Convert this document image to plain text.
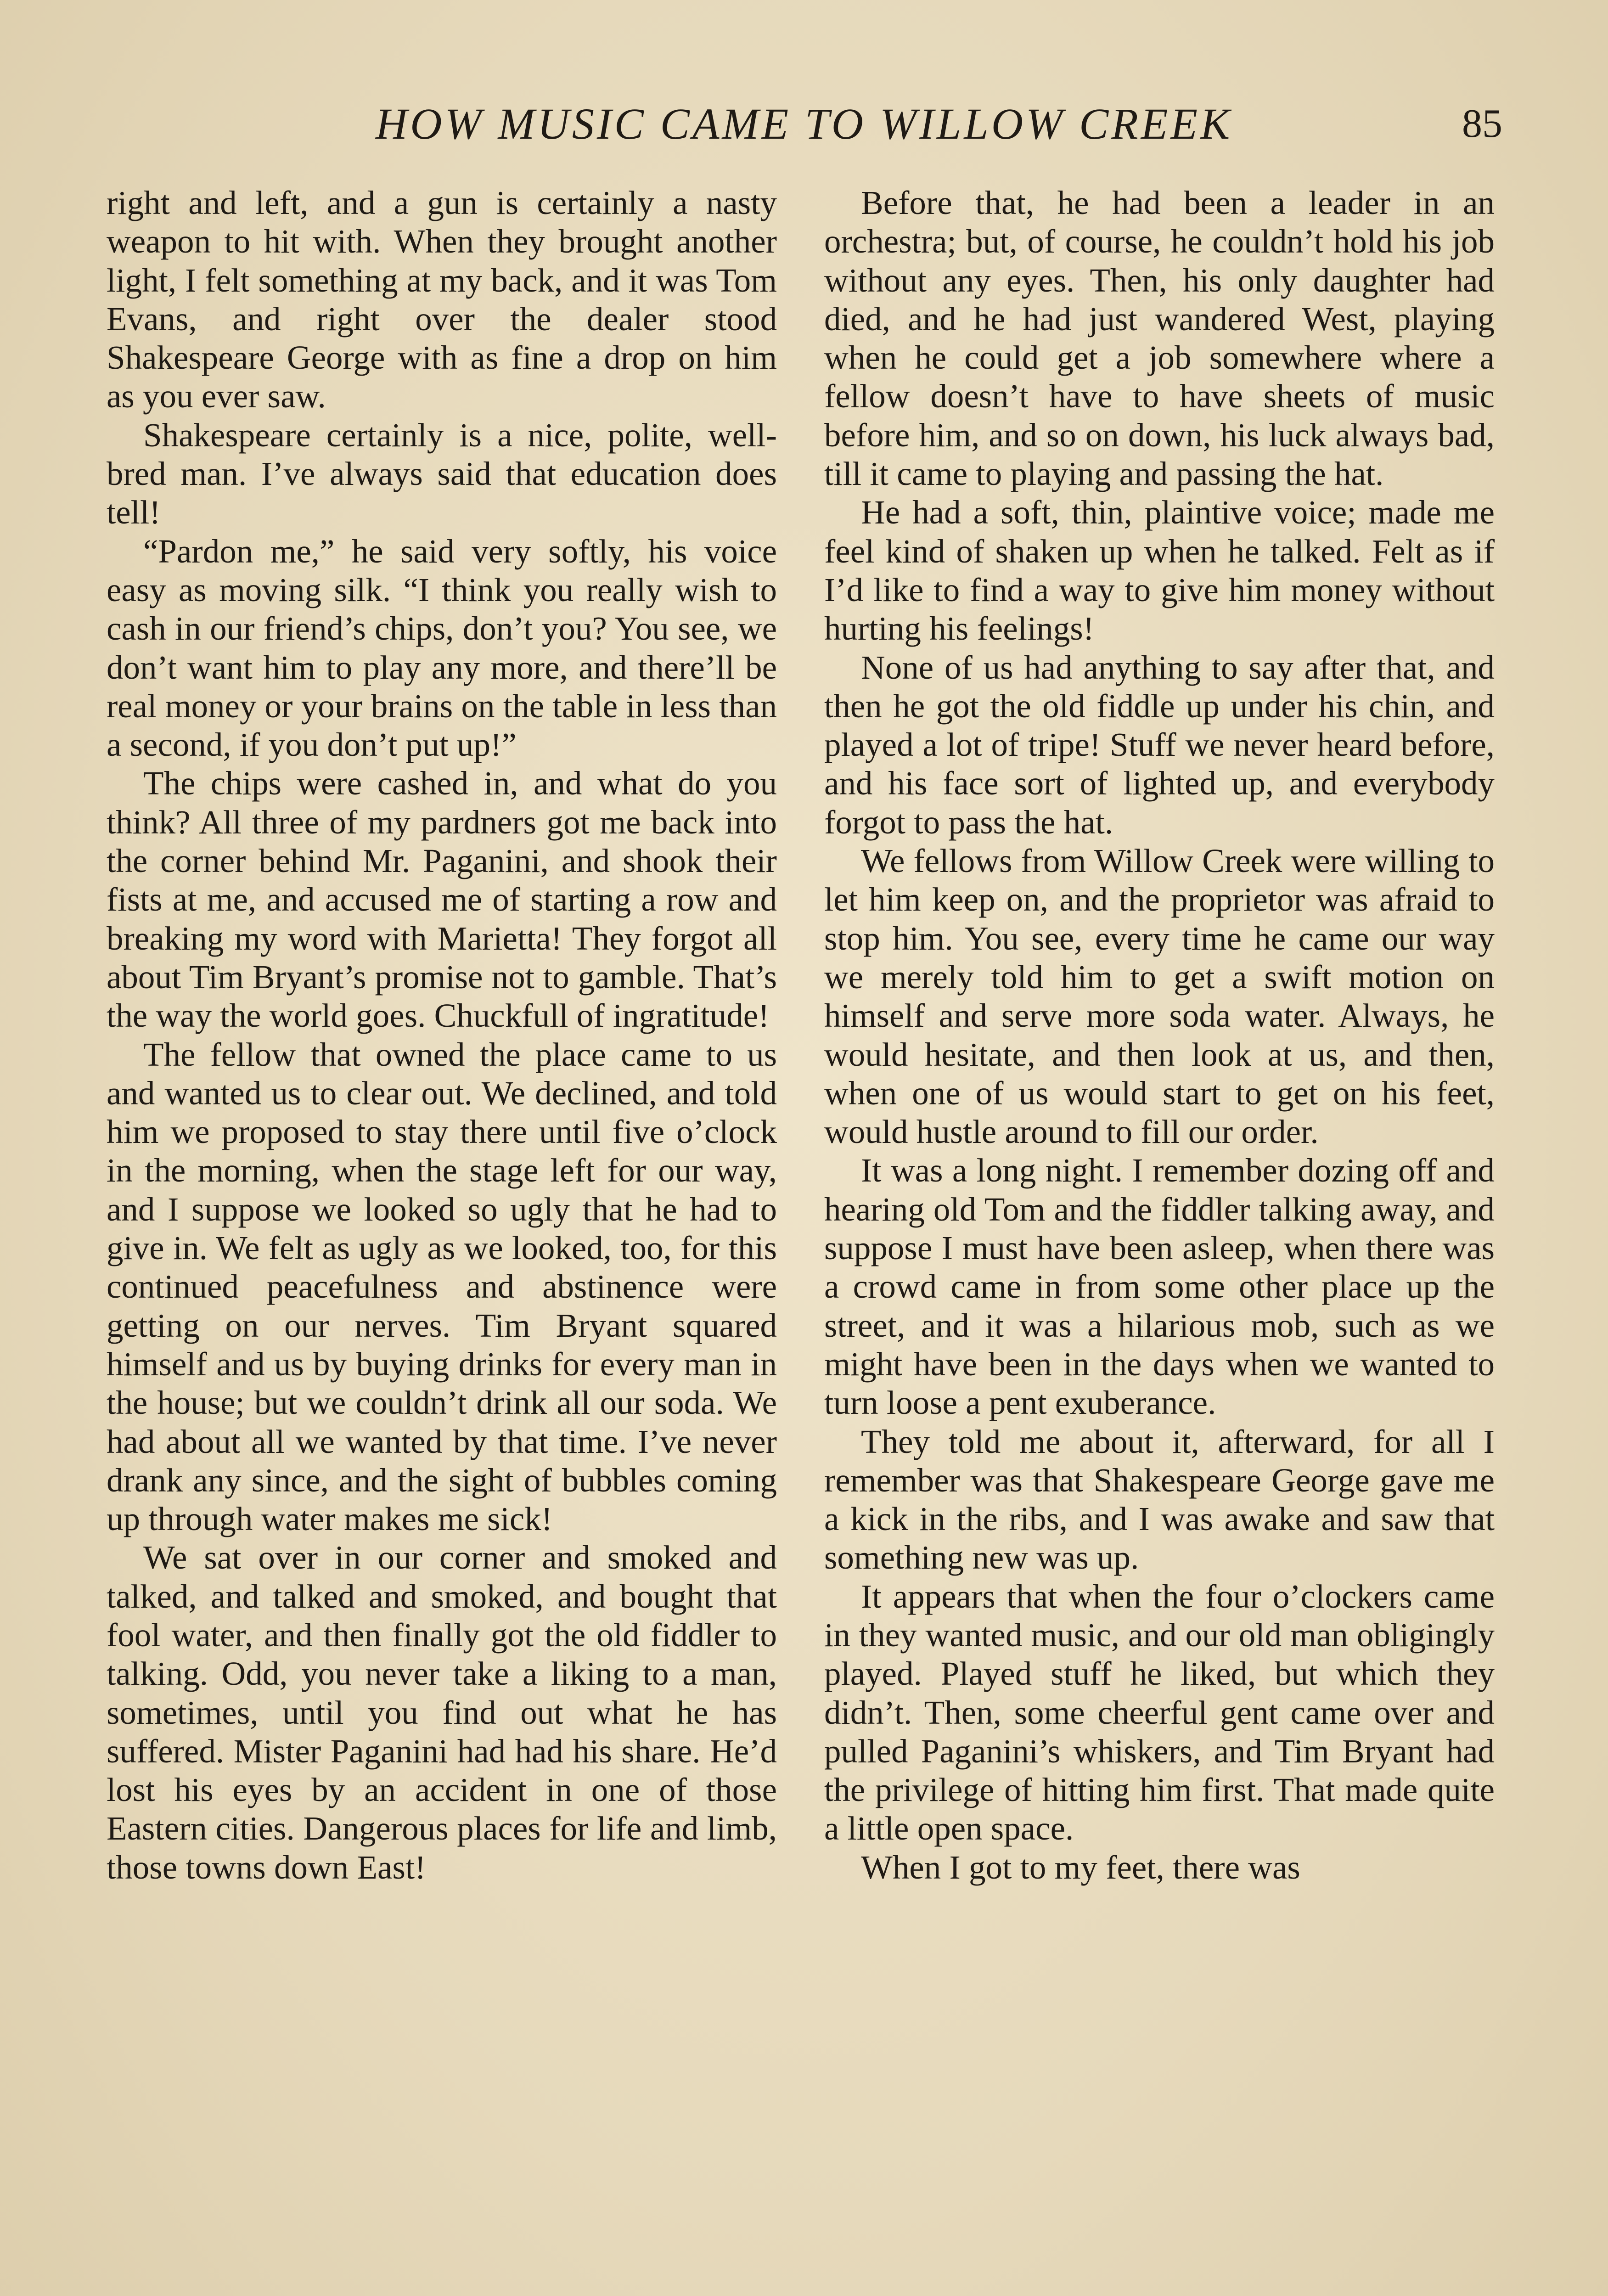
HOW MUSIC CAME TO WILLOW CREEK	85

right and left, and a gun is certainly a nasty weapon to hit with. When they brought another light, I felt something at my back, and it was Tom Evans, and right over the dealer stood Shakespeare George with as fine a drop on him as you ever saw.

Shakespeare certainly is a nice, polite, well-bred man. I’ve always said that education does tell!

“Pardon me,” he said very softly, his voice easy as moving silk. “I think you really wish to cash in our friend’s chips, don’t you? You see, we don’t want him to play any more, and there’ll be real money or your brains on the table in less than a second, if you don’t put up!”

The chips were cashed in, and what do you think? All three of my pardners got me back into the corner behind Mr. Paganini, and shook their fists at me, and accused me of starting a row and breaking my word with Marietta! They forgot all about Tim Bryant’s promise not to gamble. That’s the way the world goes. Chuckfull of ingratitude!

The fellow that owned the place came to us and wanted us to clear out. We declined, and told him we proposed to stay there until five o’clock in the morning, when the stage left for our way, and I suppose we looked so ugly that he had to give in. We felt as ugly as we looked, too, for this continued peacefulness and abstinence were getting on our nerves. Tim Bryant squared himself and us by buying drinks for every man in the house; but we couldn’t drink all our soda. We had about all we wanted by that time. I’ve never drank any since, and the sight of bubbles coming up through water makes me sick!

We sat over in our corner and smoked and talked, and talked and smoked, and bought that fool water, and then finally got the old fiddler to talking. Odd, you never take a liking to a man, sometimes, until you find out what he has suffered. Mister Paganini had had his share. He’d lost his eyes by an accident in one of those Eastern cities. Dangerous places for life and limb, those towns down East!

Before that, he had been a leader in an orchestra; but, of course, he couldn’t hold his job without any eyes. Then, his only daughter had died, and he had just wandered West, playing when he could get a job somewhere where a fellow doesn’t have to have sheets of music before him, and so on down, his luck always bad, till it came to playing and passing the hat.

He had a soft, thin, plaintive voice; made me feel kind of shaken up when he talked. Felt as if I’d like to find a way to give him money without hurting his feelings!

None of us had anything to say after that, and then he got the old fiddle up under his chin, and played a lot of tripe! Stuff we never heard before, and his face sort of lighted up, and everybody forgot to pass the hat.

We fellows from Willow Creek were willing to let him keep on, and the proprietor was afraid to stop him. You see, every time he came our way we merely told him to get a swift motion on himself and serve more soda water. Always, he would hesitate, and then look at us, and then, when one of us would start to get on his feet, would hustle around to fill our order.

It was a long night. I remember dozing off and hearing old Tom and the fiddler talking away, and suppose I must have been asleep, when there was a crowd came in from some other place up the street, and it was a hilarious mob, such as we might have been in the days when we wanted to turn loose a pent exuberance.

They told me about it, afterward, for all I remember was that Shakespeare George gave me a kick in the ribs, and I was awake and saw that something new was up.

It appears that when the four o’clockers came in they wanted music, and our old man obligingly played. Played stuff he liked, but which they didn’t. Then, some cheerful gent came over and pulled Paganini’s whiskers, and Tim Bryant had the privilege of hitting him first. That made quite a little open space.

When I got to my feet, there was
